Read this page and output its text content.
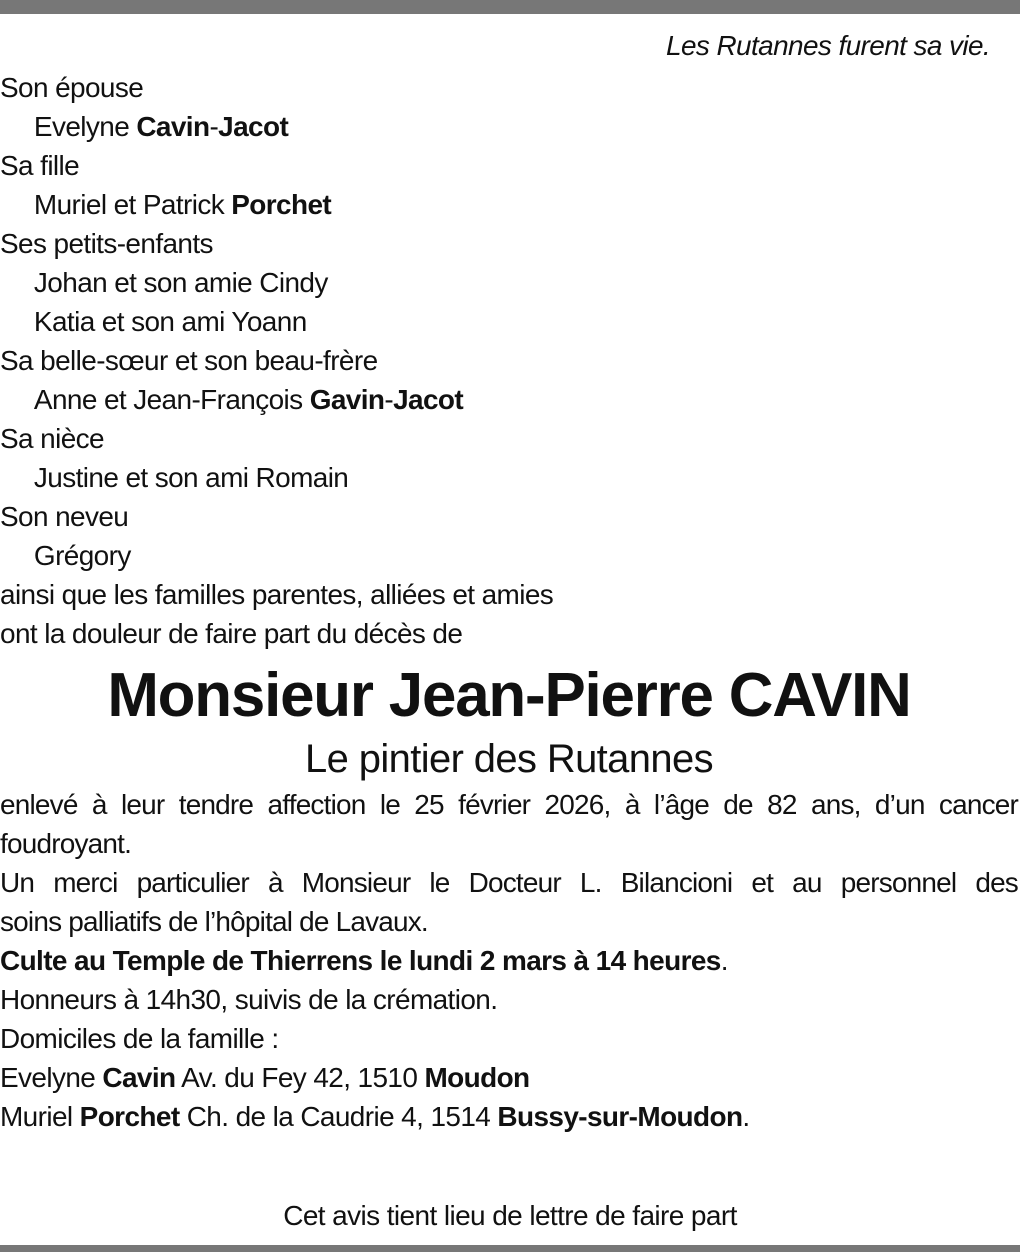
Les Rutannes furent sa vie.
Son épouse
Evelyne Cavin-Jacot
Sa fille
Muriel et Patrick Porchet
Ses petits-enfants
Johan et son amie Cindy
Katia et son ami Yoann
Sa belle-sœur et son beau-frère
Anne et Jean-François Gavin-Jacot
Sa nièce
Justine et son ami Romain
Son neveu
Grégory
ainsi que les familles parentes, alliées et amies
ont la douleur de faire part du décès de
Monsieur Jean-Pierre CAVIN
Le pintier des Rutannes
enlevé à leur tendre affection le 25 février 2026, à l’âge de 82 ans, d’un cancer
foudroyant.
Un merci particulier à Monsieur le Docteur L. Bilancioni et au personnel des
soins palliatifs de l’hôpital de Lavaux.
Culte au Temple de Thierrens le lundi 2 mars à 14 heures.
Honneurs à 14h30, suivis de la crémation.
Domiciles de la famille :
Evelyne Cavin Av. du Fey 42, 1510 Moudon
Muriel Porchet Ch. de la Caudrie 4, 1514 Bussy-sur-Moudon.
Cet avis tient lieu de lettre de faire part
